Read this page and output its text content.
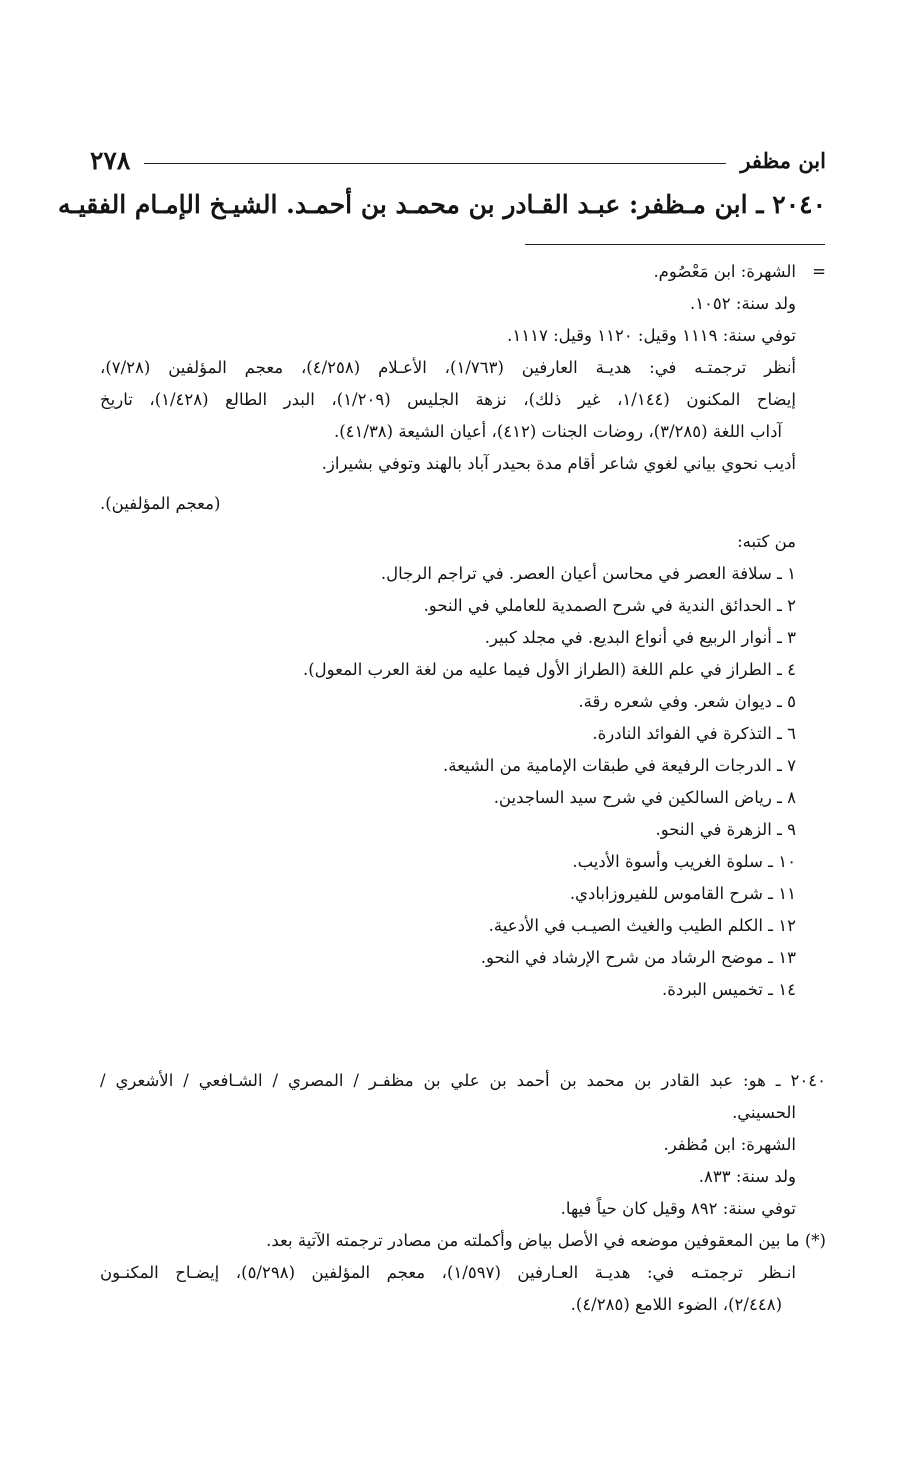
ابن مظفر
٢٧٨
٢٠٤٠ ـ ابن مـظفر: عبـد القـادر بن محمـد بن أحمـد. الشيـخ الإمـام الفقيـه

=الشهرة: ابن مَعْصُوم.

ولد سنة: ١٠٥٢.

توفي سنة: ١١١٩ وقيل: ١١٢٠ وقيل: ١١١٧.

أنظر ترجمتـه في: هديـة العارفين (١/٧٦٣)، الأعـلام (٤/٢٥٨)، معجم المؤلفين (٧/٢٨)،

إيضاح المكنون (١/١٤٤، غير ذلك)، نزهة الجليس (١/٢٠٩)، البدر الطالع (١/٤٢٨)، تاريخ

آداب اللغة (٣/٢٨٥)، روضات الجنات (٤١٢)، أعيان الشيعة (٤١/٣٨).

أديب نحوي بياني لغوي شاعر أقام مدة بحيدر آباد بالهند وتوفي بشيراز.

(معجم المؤلفين).

من كتبه:

١ ـ سلافة العصر في محاسن أعيان العصر. في تراجم الرجال.

٢ ـ الحدائق الندية في شرح الصمدية للعاملي في النحو.

٣ ـ أنوار الربيع في أنواع البديع. في مجلد كبير.

٤ ـ الطراز في علم اللغة (الطراز الأول فيما عليه من لغة العرب المعول).

٥ ـ ديوان شعر. وفي شعره رقة.

٦ ـ التذكرة في الفوائد النادرة.

٧ ـ الدرجات الرفيعة في طبقات الإمامية من الشيعة.

٨ ـ رياض السالكين في شرح سيد الساجدين.

٩ ـ الزهرة في النحو.

١٠ ـ سلوة الغريب وأسوة الأديب.

١١ ـ شرح القاموس للفيروزابادي.

١٢ ـ الكلم الطيب والغيث الصيـب في الأدعية.

١٣ ـ موضح الرشاد من شرح الإرشاد في النحو.

١٤ ـ تخميس البردة.

٢٠٤٠ ـ هو: عبد القادر بن محمد بن أحمد بن علي بن مظفـر / المصري / الشـافعي / الأشعري /

الحسيني.

الشهرة: ابن مُظفر.

ولد سنة: ٨٣٣.

توفي سنة: ٨٩٢ وقيل كان حياً فيها.

(*) ما بين المعقوفين موضعه في الأصل بياض وأكملته من مصادر ترجمته الآتية بعد.

انـظر ترجمتـه في: هديـة العـارفين (١/٥٩٧)، معجم المؤلفين (٥/٢٩٨)، إيضـاح المكنـون

(٢/٤٤٨)، الضوء اللامع (٤/٢٨٥).
